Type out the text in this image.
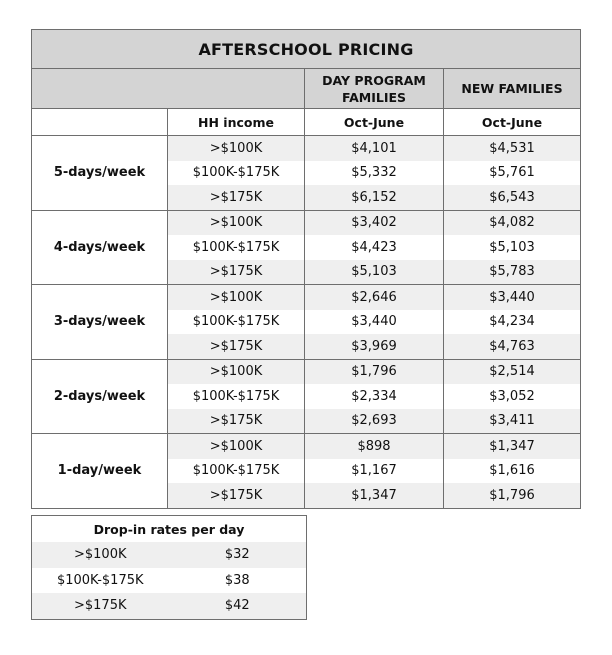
AFTERSCHOOL PRICING			
		DAY PROGRAM FAMILIES	NEW FAMILIES
	HH income	Oct-June	Oct-June
5-days/week	>$100K	$4,101	$4,531
	$100K-$175K	$5,332	$5,761
	>$175K	$6,152	$6,543
4-days/week	>$100K	$3,402	$4,082
	$100K-$175K	$4,423	$5,103
	>$175K	$5,103	$5,783
3-days/week	>$100K	$2,646	$3,440
	$100K-$175K	$3,440	$4,234
	>$175K	$3,969	$4,763
2-days/week	>$100K	$1,796	$2,514
	$100K-$175K	$2,334	$3,052
	>$175K	$2,693	$3,411
1-day/week	>$100K	$898	$1,347
	$100K-$175K	$1,167	$1,616
	>$175K	$1,347	$1,796
Drop-in rates per day	
>$100K	$32
$100K-$175K	$38
>$175K	$42
